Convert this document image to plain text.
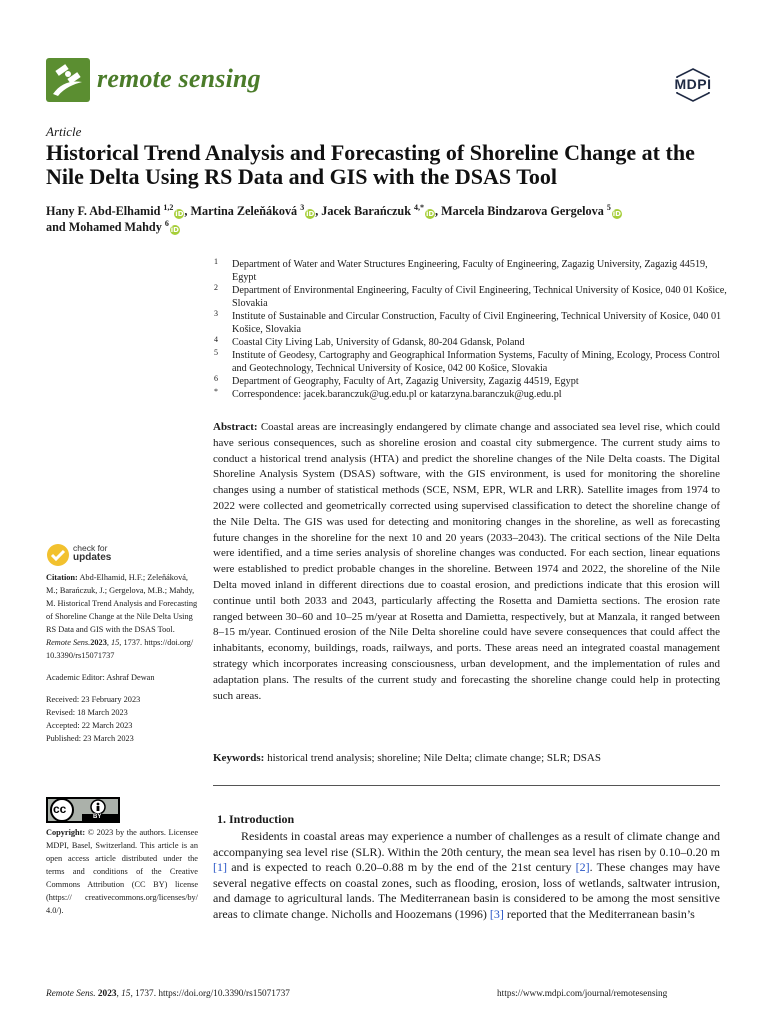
remote sensing	MDPI
Article
Historical Trend Analysis and Forecasting of Shoreline Change at the Nile Delta Using RS Data and GIS with the DSAS Tool
Hany F. Abd-Elhamid $^{1,2}$iD, Martina Zeleňáková $^3$iD, Jacek Barańczuk $^{4,*}$iD, Marcela Bindzarova Gergelova $^5$iD
and Mohamed Mahdy $^6$iD
1 Department of Water and Water Structures Engineering, Faculty of Engineering, Zagazig University, Zagazig 44519, Egypt
2 Department of Environmental Engineering, Faculty of Civil Engineering, Technical University of Kosice, 040 01 Košice, Slovakia
3 Institute of Sustainable and Circular Construction, Faculty of Civil Engineering, Technical University of Kosice, 040 01 Košice, Slovakia
4 Coastal City Living Lab, University of Gdansk, 80-204 Gdansk, Poland
5 Institute of Geodesy, Cartography and Geographical Information Systems, Faculty of Mining, Ecology, Process Control and Geotechnology, Technical University of Kosice, 042 00 Košice, Slovakia
6 Department of Geography, Faculty of Art, Zagazig University, Zagazig 44519, Egypt
* Correspondence: jacek.baranczuk@ug.edu.pl or katarzyna.baranczuk@ug.edu.pl
Abstract: Coastal areas are increasingly endangered by climate change and associated sea level rise, which could have serious consequences, such as shoreline erosion and coastal city submergence. The current study aims to conduct a historical trend analysis (HTA) and predict the shoreline changes of the Nile Delta coasts. The Digital Shoreline Analysis System (DSAS) software, with the GIS environment, is used for monitoring the shoreline changes using a number of statistical methods (SCE, NSM, EPR, WLR and LRR). Satellite images from 1974 to 2022 were collected and geometrically corrected using supervised classification to detect the shoreline change of the Nile Delta. The GIS was used for detecting and monitoring changes in the shoreline, as well as forecasting future changes in the shoreline for the next 10 and 20 years (2033–2043). The critical sections of the Nile Delta were identified, and a time series analysis of shoreline changes was conducted. For each section, linear equations were established to predict probable changes in the shoreline. Between 1974 and 2022, the shoreline of the Nile Delta moved inland in different directions due to coastal erosion, and predictions indicate that this erosion will continue until both 2033 and 2043, particularly affecting the Rosetta and Damietta sections. The erosion rate ranged between 30–60 and 10–25 m/year at Rosetta and Damietta, respectively, but at Manzala, it ranged between 8–15 m/year. Continued erosion of the Nile Delta shoreline could have severe consequences that could affect the inhabitants, economy, buildings, roads, railways, and ports. These areas need an integrated coastal management strategy which incorporates increasing consciousness, urban development, and the implementation of rules and adaptation plans. The results of the current study and forecasting the shoreline change could help in protecting such areas.
Keywords: historical trend analysis; shoreline; Nile Delta; climate change; SLR; DSAS
check for
updates

Citation: Abd-Elhamid, H.F.; Zeleňáková, M.; Barańczuk, J.; Gergelova, M.B.; Mahdy, M. Historical Trend Analysis and Forecasting of Shoreline Change at the Nile Delta Using RS Data and GIS with the DSAS Tool. Remote Sens.2023, 15, 1737. https://doi.org/ 10.3390/rs15071737

Academic Editor: Ashraf Dewan

Received: 23 February 2023

Revised: 18 March 2023

Accepted: 22 March 2023

Published: 23 March 2023

cc
BY
Copyright: © 2023 by the authors. Licensee MDPI, Basel, Switzerland. This article is an open access article distributed under the terms and conditions of the Creative Commons Attribution (CC BY) license (https:// creativecommons.org/licenses/by/ 4.0/).
1. Introduction
Residents in coastal areas may experience a number of challenges as a result of climate change and accompanying sea level rise (SLR). Within the 20th century, the mean sea level has risen by 0.10–0.20 m [1] and is expected to reach 0.20–0.88 m by the end of the 21st century [2]. These changes may have several negative effects on coastal zones, such as flooding, erosion, loss of wetlands, saltwater intrusion, and damage to agricultural lands. The Mediterranean basin is considered to be among the most sensitive areas to climate change. Nicholls and Hoozemans (1996) [3] reported that the Mediterranean basin’s
Remote Sens. 2023, 15, 1737. https://doi.org/10.3390/rs15071737	https://www.mdpi.com/journal/remotesensing
